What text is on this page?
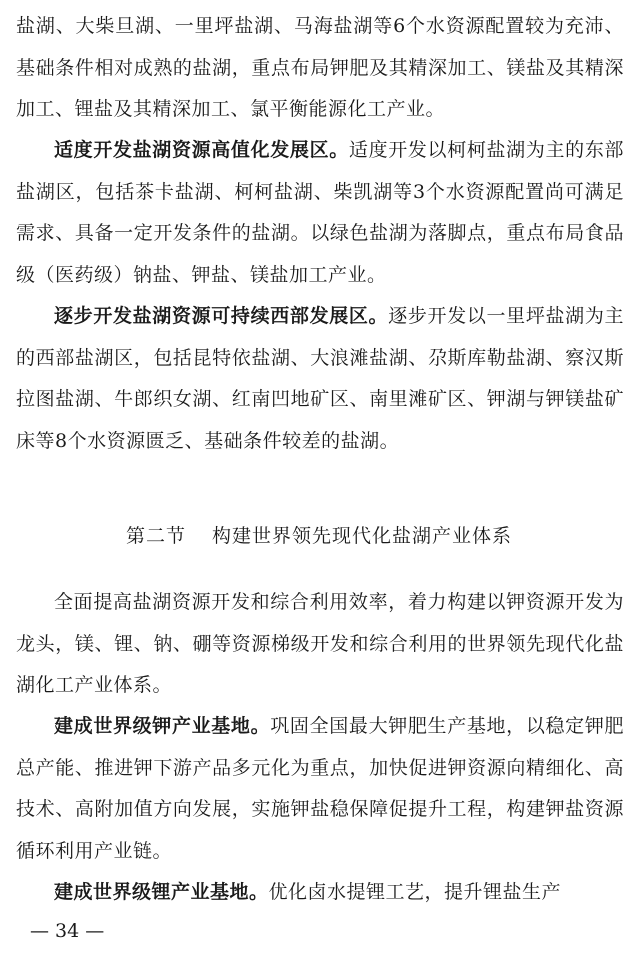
盐湖、大柴旦湖、一里坪盐湖、马海盐湖等6个水资源配置较为充沛、基础条件相对成熟的盐湖，重点布局钾肥及其精深加工、镁盐及其精深加工、锂盐及其精深加工、氯平衡能源化工产业。

适度开发盐湖资源高值化发展区。适度开发以柯柯盐湖为主的东部盐湖区，包括茶卡盐湖、柯柯盐湖、柴凯湖等3个水资源配置尚可满足需求、具备一定开发条件的盐湖。以绿色盐湖为落脚点，重点布局食品级（医药级）钠盐、钾盐、镁盐加工产业。

逐步开发盐湖资源可持续西部发展区。逐步开发以一里坪盐湖为主的西部盐湖区，包括昆特依盐湖、大浪滩盐湖、尕斯库勒盐湖、察汉斯拉图盐湖、牛郎织女湖、红南凹地矿区、南里滩矿区、钾湖与钾镁盐矿床等8个水资源匮乏、基础条件较差的盐湖。

第二节 构建世界领先现代化盐湖产业体系

全面提高盐湖资源开发和综合利用效率，着力构建以钾资源开发为龙头，镁、锂、钠、硼等资源梯级开发和综合利用的世界领先现代化盐湖化工产业体系。

建成世界级钾产业基地。巩固全国最大钾肥生产基地，以稳定钾肥总产能、推进钾下游产品多元化为重点，加快促进钾资源向精细化、高技术、高附加值方向发展，实施钾盐稳保障促提升工程，构建钾盐资源循环利用产业链。

建成世界级锂产业基地。优化卤水提锂工艺，提升锂盐生产

— 34 —
